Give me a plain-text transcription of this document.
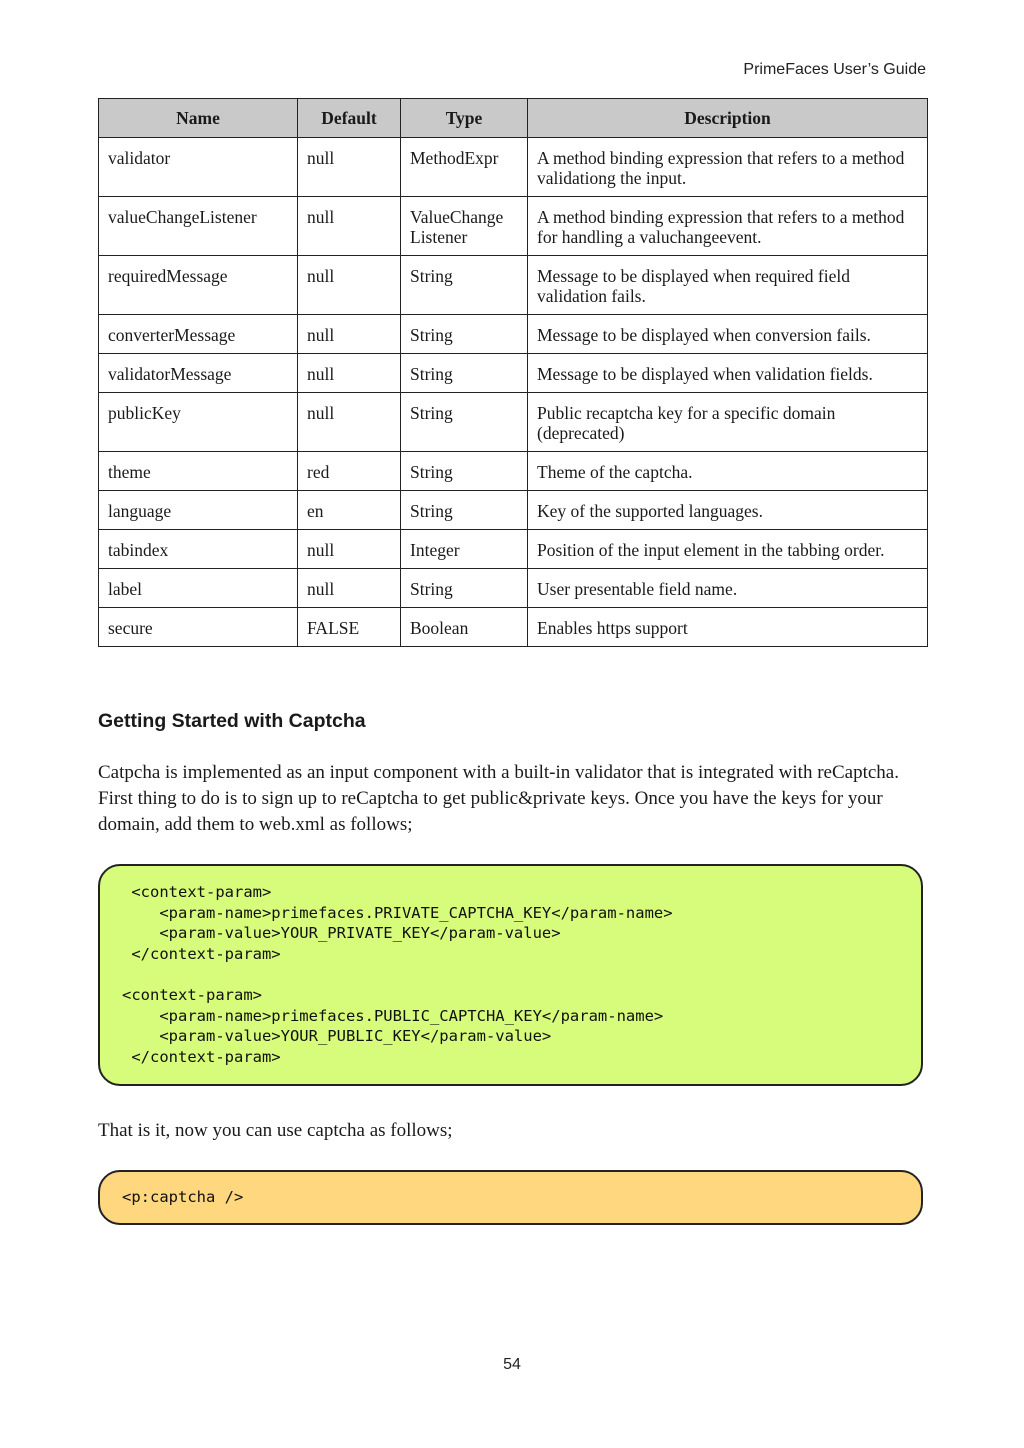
PrimeFaces User’s Guide
Name	Default	Type	Description
validator	null	MethodExpr	A method binding expression that refers to a method validationg the input.
valueChangeListener	null	ValueChange Listener	A method binding expression that refers to a method for handling a valuchangeevent.
requiredMessage	null	String	Message to be displayed when required field validation fails.
converterMessage	null	String	Message to be displayed when conversion fails.
validatorMessage	null	String	Message to be displayed when validation fields.
publicKey	null	String	Public recaptcha key for a specific domain (deprecated)
theme	red	String	Theme of the captcha.
language	en	String	Key of the supported languages.
tabindex	null	Integer	Position of the input element in the tabbing order.
label	null	String	User presentable field name.
secure	FALSE	Boolean	Enables https support
Getting Started with Captcha

Catpcha is implemented as an input component with a built-in validator that is integrated with reCaptcha. First thing to do is to sign up to reCaptcha to get public&private keys. Once you have the keys for your domain, add them to web.xml as follows;

<context-param>
<param-name>primefaces.PRIVATE_CAPTCHA_KEY</param-name>
<param-value>YOUR_PRIVATE_KEY</param-value>
</context-param>
<context-param>
<param-name>primefaces.PUBLIC_CAPTCHA_KEY</param-name>
<param-value>YOUR_PUBLIC_KEY</param-value>
</context-param>

That is it, now you can use captcha as follows;

<p:captcha />
54
